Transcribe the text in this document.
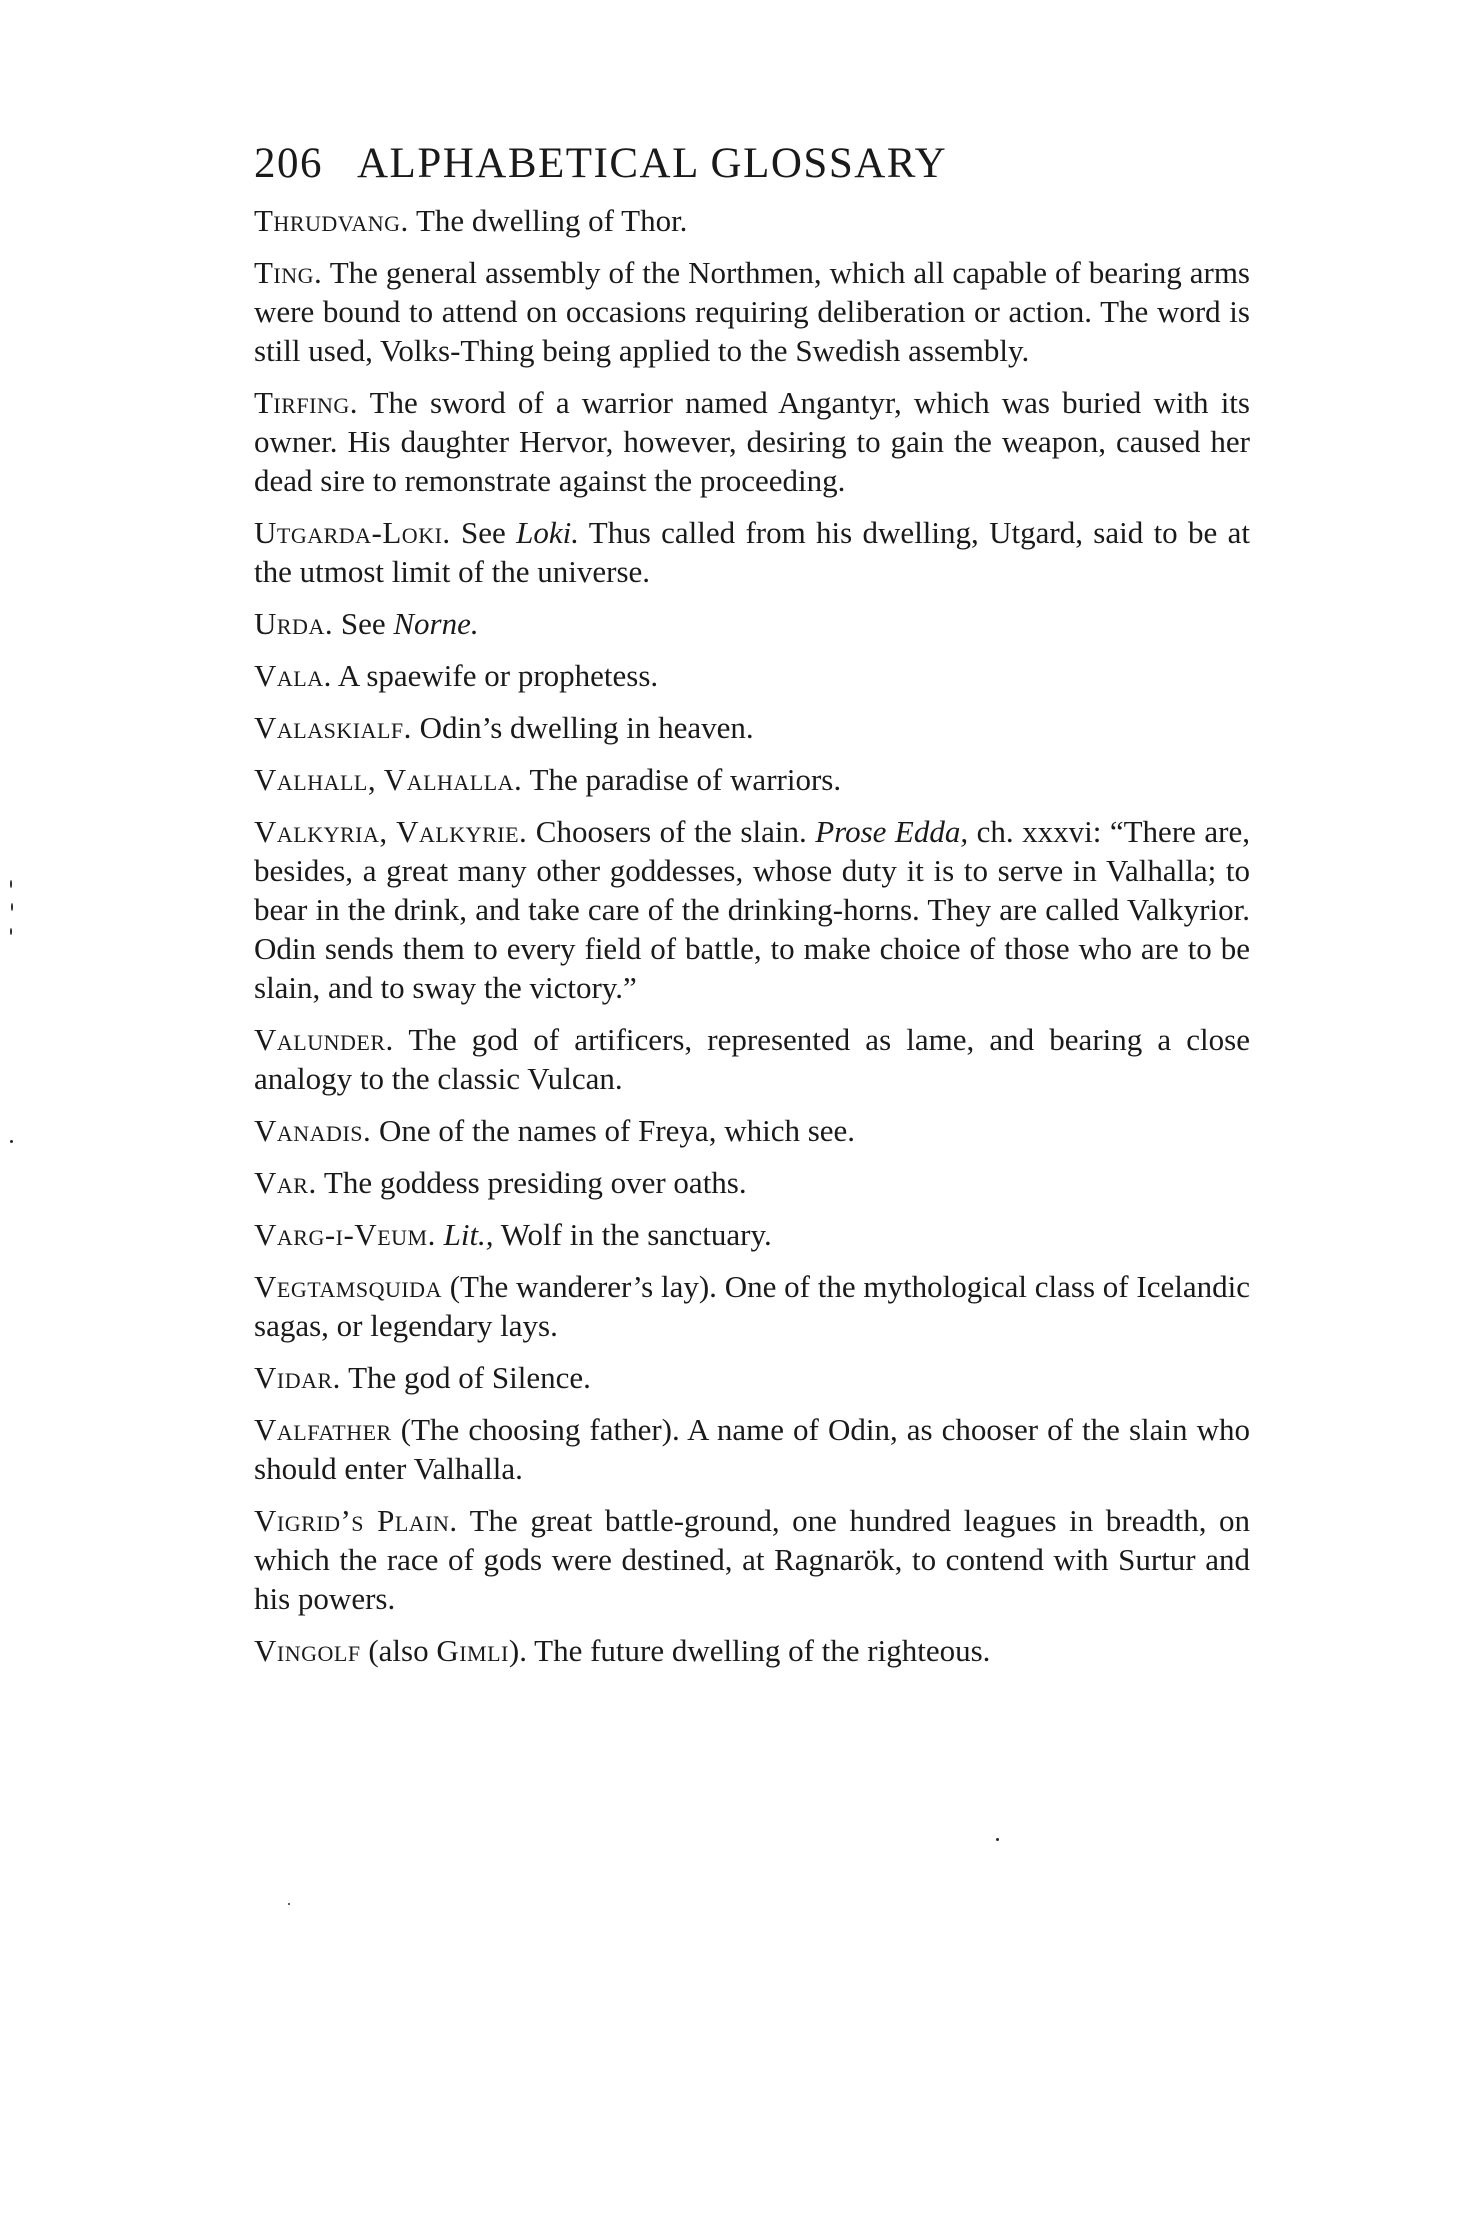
206 ALPHABETICAL GLOSSARY

Thrudvang. The dwelling of Thor.

Ting. The general assembly of the Northmen, which all capable of bearing arms were bound to attend on occasions requiring deliberation or action. The word is still used, Volks-Thing being applied to the Swedish assembly.

Tirfing. The sword of a warrior named Angantyr, which was buried with its owner. His daughter Hervor, however, desiring to gain the weapon, caused her dead sire to remonstrate against the proceeding.

Utgarda-Loki. See Loki. Thus called from his dwelling, Utgard, said to be at the utmost limit of the universe.

Urda. See Norne.

Vala. A spaewife or prophetess.

Valaskialf. Odin’s dwelling in heaven.

Valhall, Valhalla. The paradise of warriors.

Valkyria, Valkyrie. Choosers of the slain. Prose Edda, ch. xxxvi: “There are, besides, a great many other goddesses, whose duty it is to serve in Valhalla; to bear in the drink, and take care of the drinking-horns. They are called Valkyrior. Odin sends them to every field of battle, to make choice of those who are to be slain, and to sway the victory.”

Valunder. The god of artificers, represented as lame, and bearing a close analogy to the classic Vulcan.

Vanadis. One of the names of Freya, which see.

Var. The goddess presiding over oaths.

Varg-i-Veum. Lit., Wolf in the sanctuary.

Vegtamsquida (The wanderer’s lay). One of the mythological class of Icelandic sagas, or legendary lays.

Vidar. The god of Silence.

Valfather (The choosing father). A name of Odin, as chooser of the slain who should enter Valhalla.

Vigrid’s Plain. The great battle-ground, one hundred leagues in breadth, on which the race of gods were destined, at Ragnarök, to contend with Surtur and his powers.

Vingolf (also Gimli). The future dwelling of the righteous.
